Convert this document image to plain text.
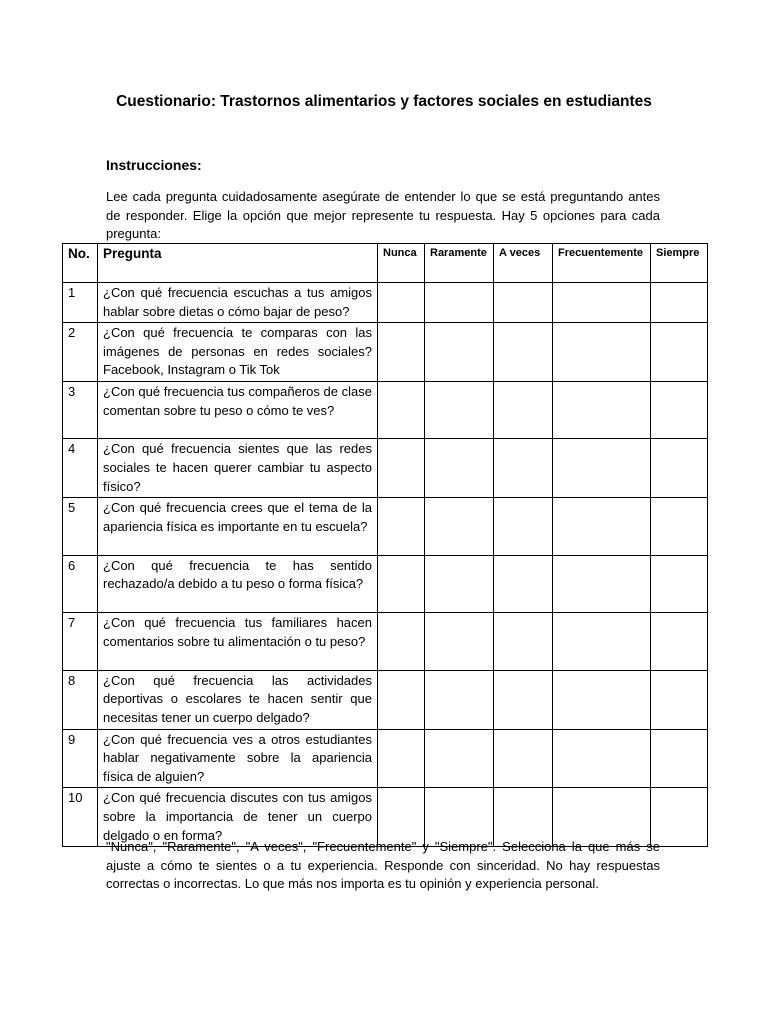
Cuestionario: Trastornos alimentarios y factores sociales en estudiantes
Instrucciones:
Lee cada pregunta cuidadosamente asegúrate de entender lo que se está preguntando antes de responder. Elige la opción que mejor represente tu respuesta. Hay 5 opciones para cada pregunta:
No.	Pregunta	Nunca	Raramente	A veces	Frecuentemente	Siempre
1	¿Con qué frecuencia escuchas a tus amigos hablar sobre dietas o cómo bajar de peso?					
2	¿Con qué frecuencia te comparas con las imágenes de personas en redes sociales? Facebook, Instagram o Tik Tok					
3	¿Con qué frecuencia tus compañeros de clase comentan sobre tu peso o cómo te ves?					
4	¿Con qué frecuencia sientes que las redes sociales te hacen querer cambiar tu aspecto físico?					
5	¿Con qué frecuencia crees que el tema de la apariencia física es importante en tu escuela?					
6	¿Con qué frecuencia te has sentido rechazado/a debido a tu peso o forma física?					
7	¿Con qué frecuencia tus familiares hacen comentarios sobre tu alimentación o tu peso?					
8	¿Con qué frecuencia las actividades deportivas o escolares te hacen sentir que necesitas tener un cuerpo delgado?					
9	¿Con qué frecuencia ves a otros estudiantes hablar negativamente sobre la apariencia física de alguien?					
10	¿Con qué frecuencia discutes con tus amigos sobre la importancia de tener un cuerpo delgado o en forma?					
"Nunca", "Raramente", "A veces", "Frecuentemente" y "Siempre". Selecciona la que más se ajuste a cómo te sientes o a tu experiencia. Responde con sinceridad. No hay respuestas correctas o incorrectas. Lo que más nos importa es tu opinión y experiencia personal.
